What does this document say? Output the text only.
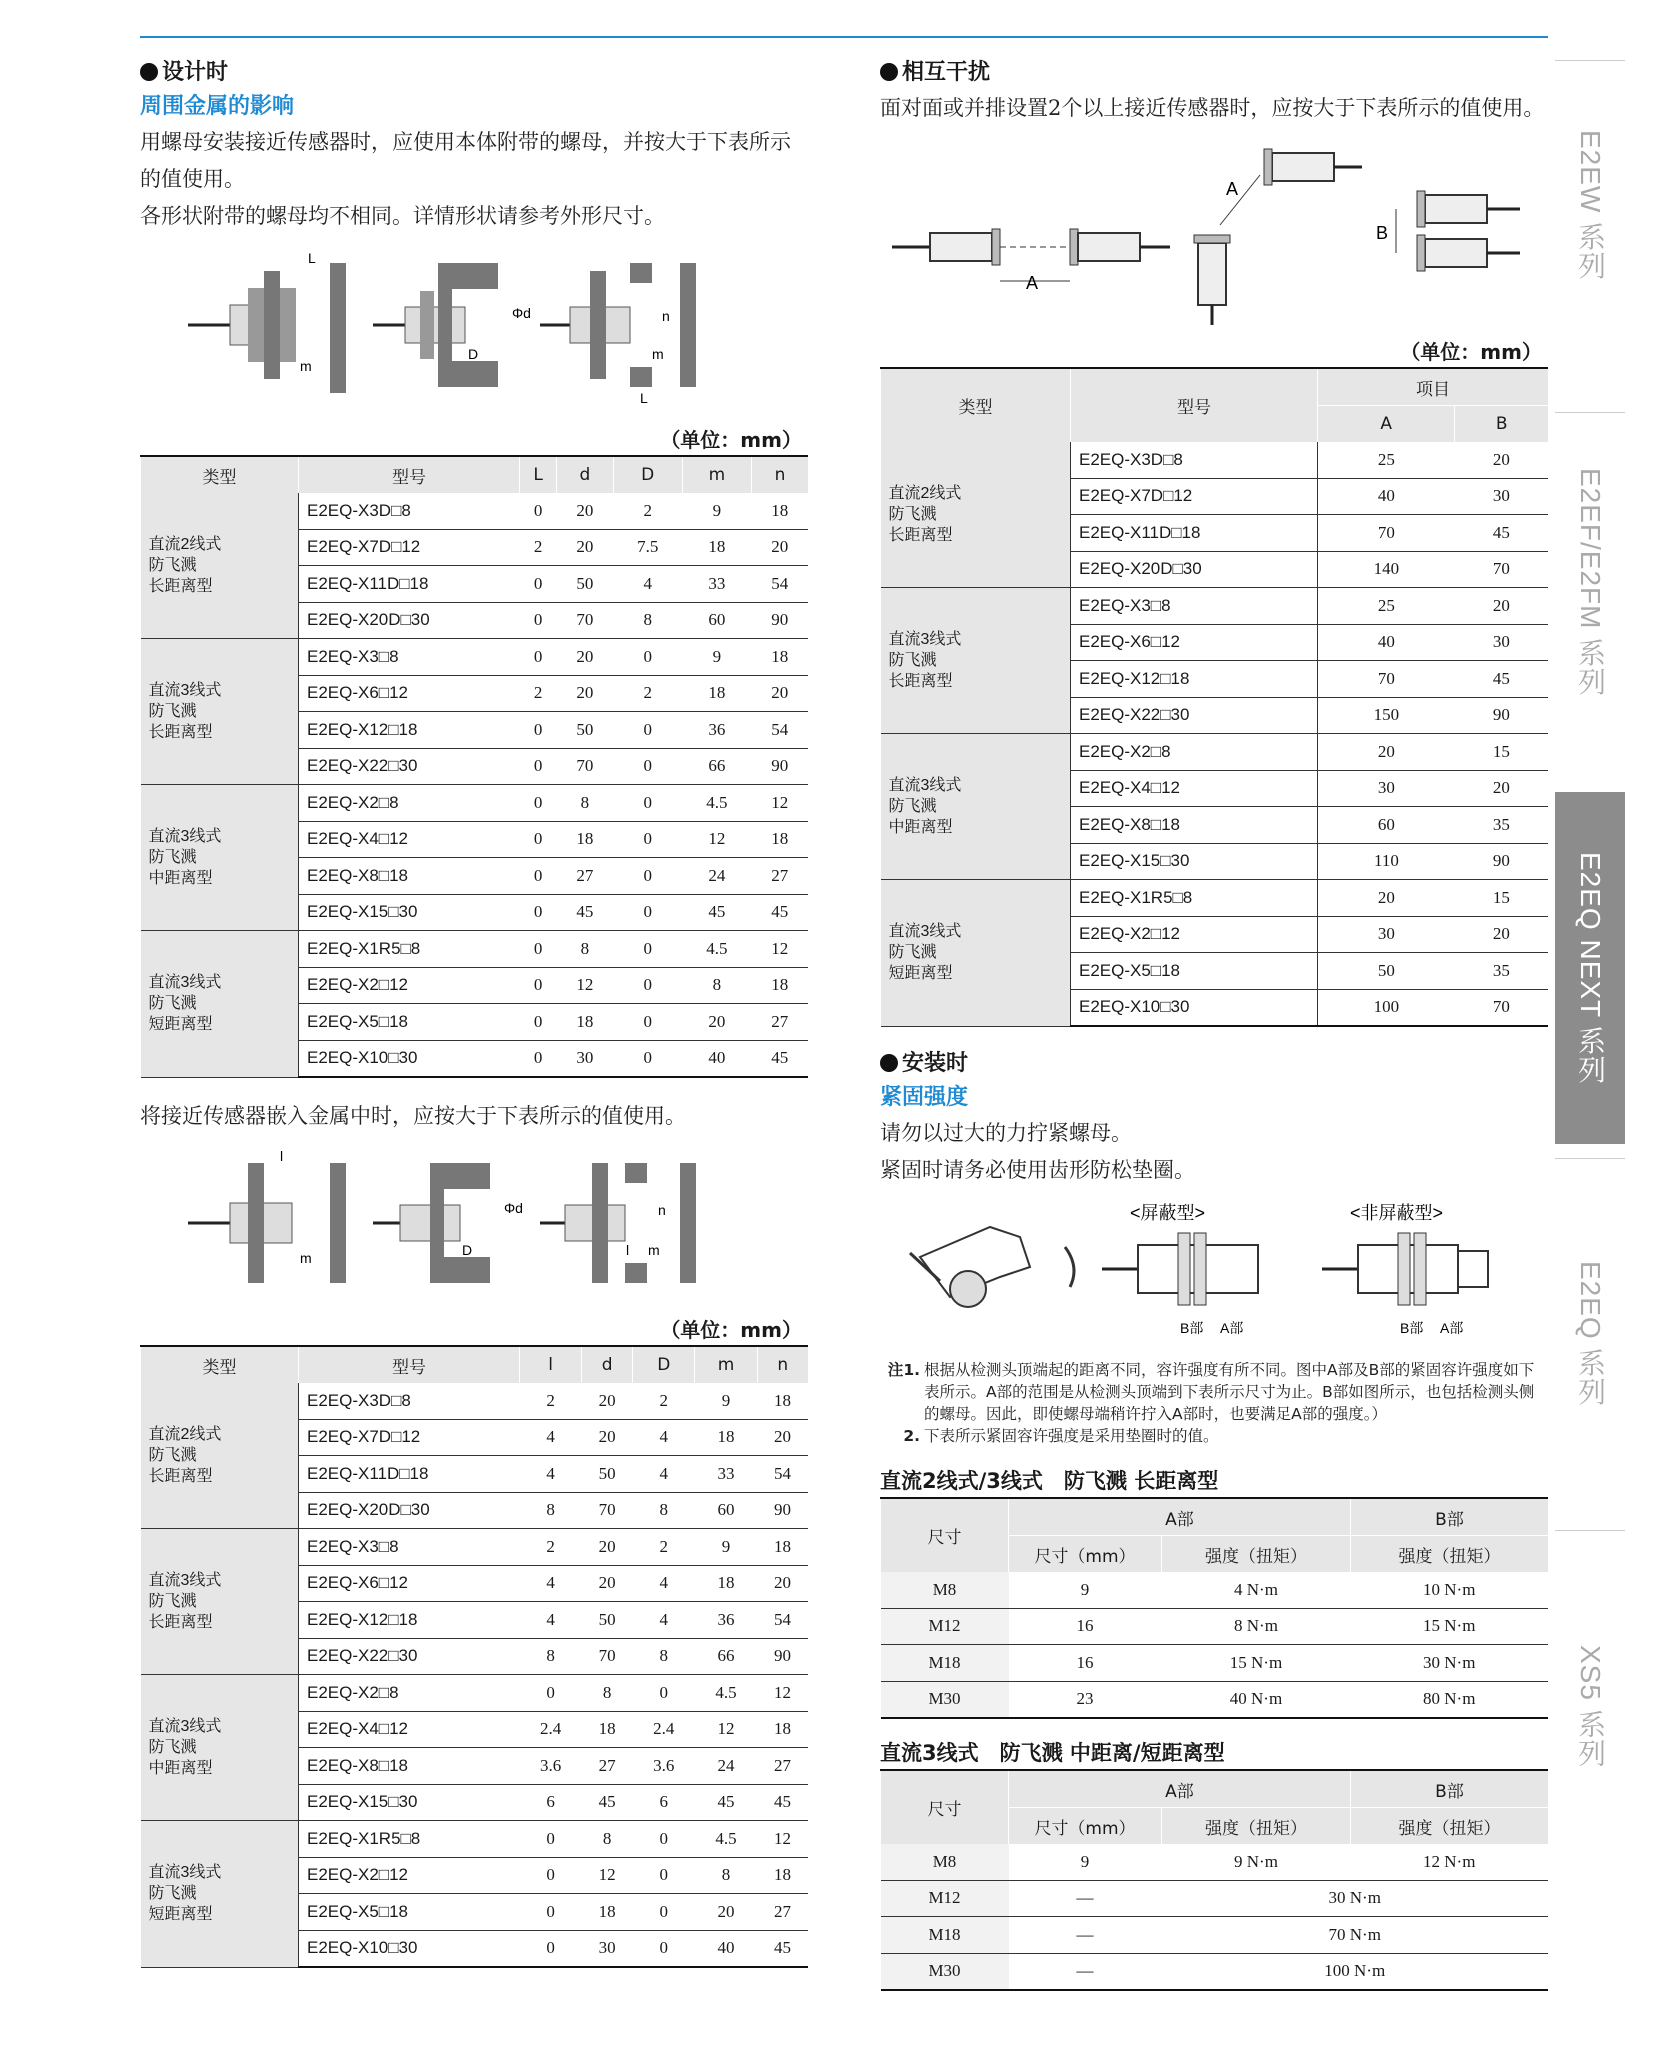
设计时
周围金属的影响
用螺母安装接近传感器时，应使用本体附带的螺母，并按大于下表所示的值使用。
各形状附带的螺母均不相同。详情形状请参考外形尺寸。
L
m
Φd
D
n
m
L
（单位：mm）
类型	型号	L	d	D	m	n
直流2线式
防飞溅
长距离型	E2EQ-X3D□8	0	20	2	9	18
	E2EQ-X7D□12	2	20	7.5	18	20
	E2EQ-X11D□18	0	50	4	33	54
	E2EQ-X20D□30	0	70	8	60	90
直流3线式
防飞溅
长距离型	E2EQ-X3□8	0	20	0	9	18
	E2EQ-X6□12	2	20	2	18	20
	E2EQ-X12□18	0	50	0	36	54
	E2EQ-X22□30	0	70	0	66	90
直流3线式
防飞溅
中距离型	E2EQ-X2□8	0	8	0	4.5	12
	E2EQ-X4□12	0	18	0	12	18
	E2EQ-X8□18	0	27	0	24	27
	E2EQ-X15□30	0	45	0	45	45
直流3线式
防飞溅
短距离型	E2EQ-X1R5□8	0	8	0	4.5	12
	E2EQ-X2□12	0	12	0	8	18
	E2EQ-X5□18	0	18	0	20	27
	E2EQ-X10□30	0	30	0	40	45
将接近传感器嵌入金属中时，应按大于下表所示的值使用。
l
m
Φd
D
n
l m
（单位：mm）
类型	型号	l	d	D	m	n
直流2线式
防飞溅
长距离型	E2EQ-X3D□8	2	20	2	9	18
	E2EQ-X7D□12	4	20	4	18	20
	E2EQ-X11D□18	4	50	4	33	54
	E2EQ-X20D□30	8	70	8	60	90
直流3线式
防飞溅
长距离型	E2EQ-X3□8	2	20	2	9	18
	E2EQ-X6□12	4	20	4	18	20
	E2EQ-X12□18	4	50	4	36	54
	E2EQ-X22□30	8	70	8	66	90
直流3线式
防飞溅
中距离型	E2EQ-X2□8	0	8	0	4.5	12
	E2EQ-X4□12	2.4	18	2.4	12	18
	E2EQ-X8□18	3.6	27	3.6	24	27
	E2EQ-X15□30	6	45	6	45	45
直流3线式
防飞溅
短距离型	E2EQ-X1R5□8	0	8	0	4.5	12
	E2EQ-X2□12	0	12	0	8	18
	E2EQ-X5□18	0	18	0	20	27
	E2EQ-X10□30	0	30	0	40	45
相互干扰
面对面或并排设置2个以上接近传感器时，应按大于下表所示的值使用。
A
A
B
（单位：mm）
类型	型号	项目	
		A	B
直流2线式
防飞溅
长距离型	E2EQ-X3D□8	25	20
	E2EQ-X7D□12	40	30
	E2EQ-X11D□18	70	45
	E2EQ-X20D□30	140	70
直流3线式
防飞溅
长距离型	E2EQ-X3□8	25	20
	E2EQ-X6□12	40	30
	E2EQ-X12□18	70	45
	E2EQ-X22□30	150	90
直流3线式
防飞溅
中距离型	E2EQ-X2□8	20	15
	E2EQ-X4□12	30	20
	E2EQ-X8□18	60	35
	E2EQ-X15□30	110	90
直流3线式
防飞溅
短距离型	E2EQ-X1R5□8	20	15
	E2EQ-X2□12	30	20
	E2EQ-X5□18	50	35
	E2EQ-X10□30	100	70
安装时
紧固强度
请勿以过大的力拧紧螺母。
紧固时请务必使用齿形防松垫圈。
<屏蔽型>
B部 A部
<非屏蔽型>
B部 A部
注1. 根据从检测头顶端起的距离不同，容许强度有所不同。图中A部及B部的紧固容许强度如下表所示。A部的范围是从检测头顶端到下表所示尺寸为止。B部如图所示，也包括检测头侧的螺母。因此，即使螺母端稍许拧入A部时，也要满足A部的强度。）
2. 下表所示紧固容许强度是采用垫圈时的值。
直流2线式/3线式　防飞溅 长距离型
尺寸	A部		B部
	尺寸（mm）	强度（扭矩）	强度（扭矩）
M8	9	4 N·m	10 N·m
M12	16	8 N·m	15 N·m
M18	16	15 N·m	30 N·m
M30	23	40 N·m	80 N·m
直流3线式　防飞溅 中距离/短距离型
尺寸	A部		B部
	尺寸（mm）	强度（扭矩）	强度（扭矩）
M8	9	9 N·m	12 N·m
M12	—	30 N·m	
M18	—	70 N·m	
M30	—	100 N·m	
E2EW 系列
E2EF/E2FM 系列
E2EQ NEXT 系列
E2EQ 系列
XS5 系列
